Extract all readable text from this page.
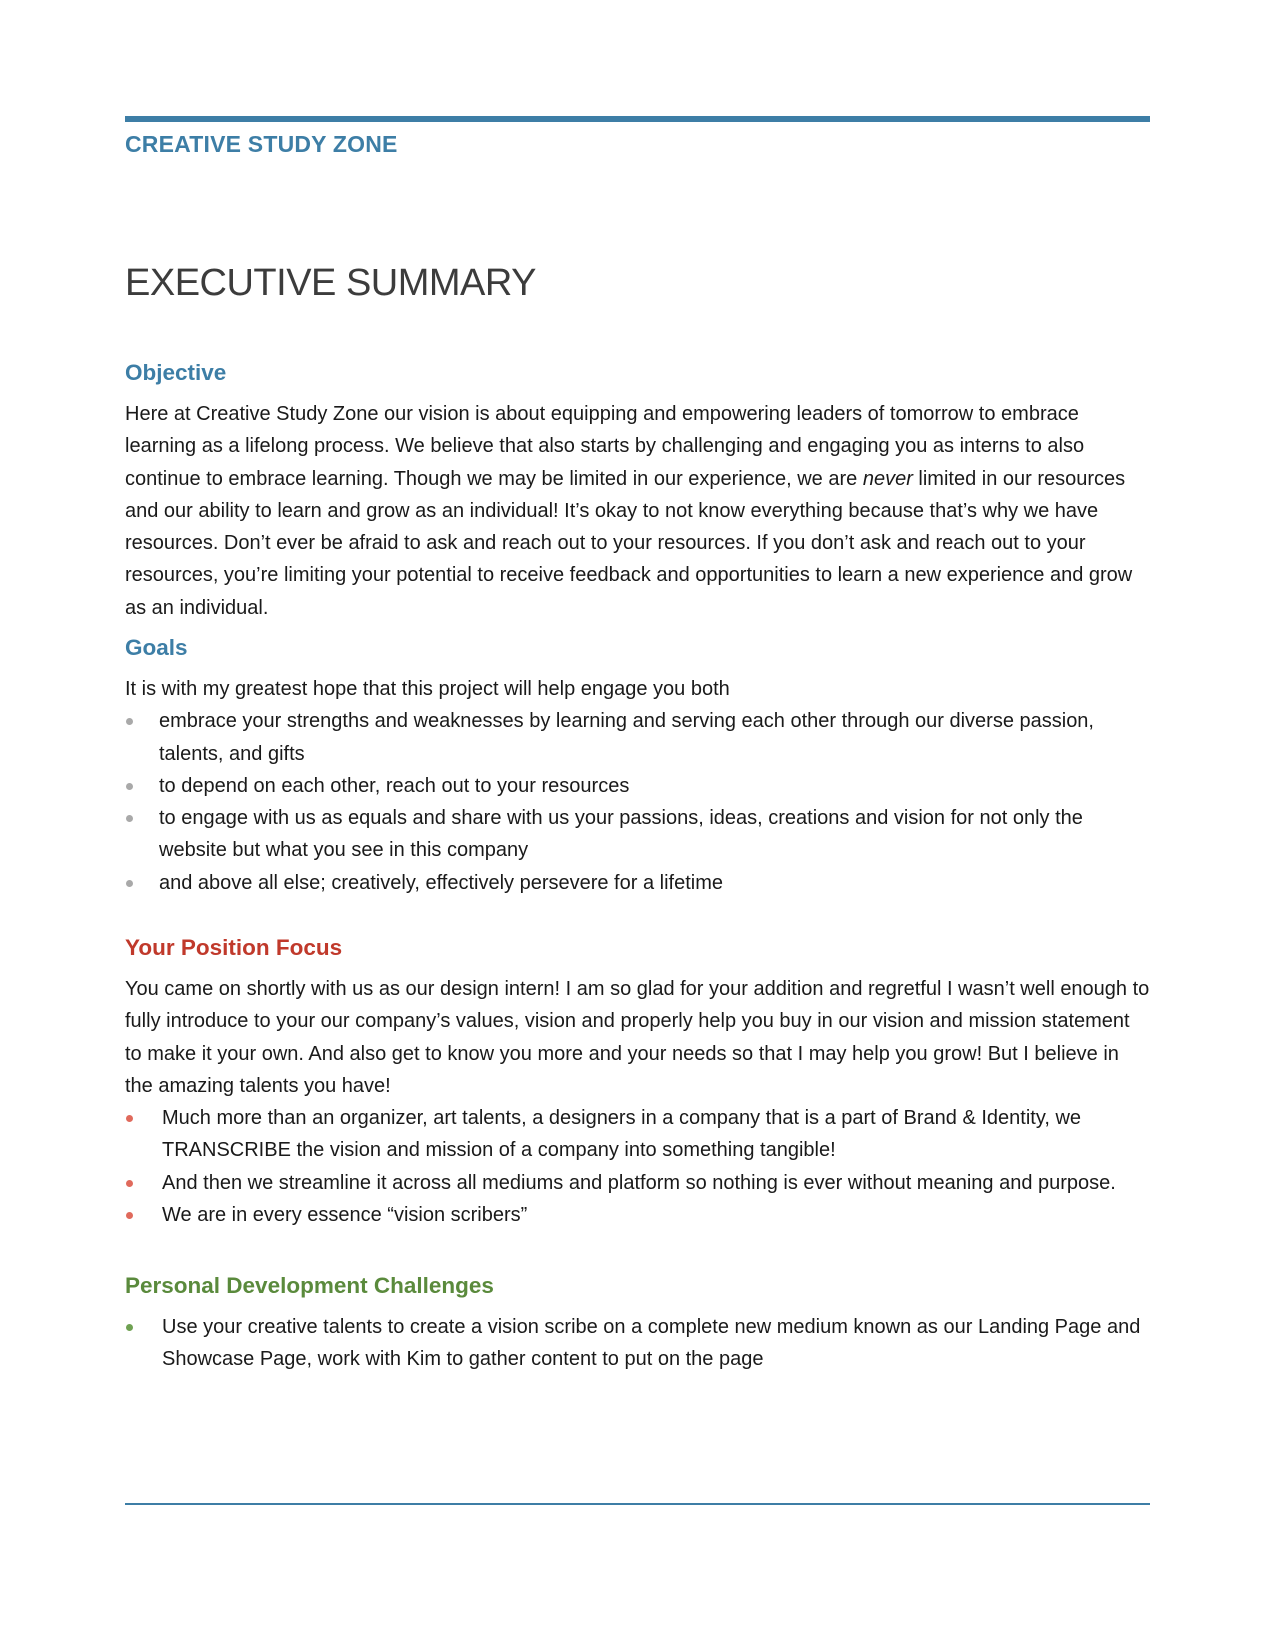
CREATIVE STUDY ZONE
EXECUTIVE SUMMARY
Objective

Here at Creative Study Zone our vision is about equipping and empowering leaders of tomorrow to embrace learning as a lifelong process. We believe that also starts by challenging and engaging you as interns to also continue to embrace learning. Though we may be limited in our experience, we are never limited in our resources and our ability to learn and grow as an individual! It’s okay to not know everything because that’s why we have resources. Don’t ever be afraid to ask and reach out to your resources. If you don’t ask and reach out to your resources, you’re limiting your potential to receive feedback and opportunities to learn a new experience and grow as an individual.

Goals

It is with my greatest hope that this project will help engage you both

embrace your strengths and weaknesses by learning and serving each other through our diverse passion, talents, and gifts
to depend on each other, reach out to your resources
to engage with us as equals and share with us your passions, ideas, creations and vision for not only the website but what you see in this company
and above all else; creatively, effectively persevere for a lifetime
Your Position Focus

You came on shortly with us as our design intern! I am so glad for your addition and regretful I wasn’t well enough to fully introduce to your our company’s values, vision and properly help you buy in our vision and mission statement to make it your own. And also get to know you more and your needs so that I may help you grow! But I believe in the amazing talents you have!

Much more than an organizer, art talents, a designers in a company that is a part of Brand & Identity, we TRANSCRIBE the vision and mission of a company into something tangible!
And then we streamline it across all mediums and platform so nothing is ever without meaning and purpose.
We are in every essence “vision scribers”
Personal Development Challenges
Use your creative talents to create a vision scribe on a complete new medium known as our Landing Page and Showcase Page, work with Kim to gather content to put on the page
